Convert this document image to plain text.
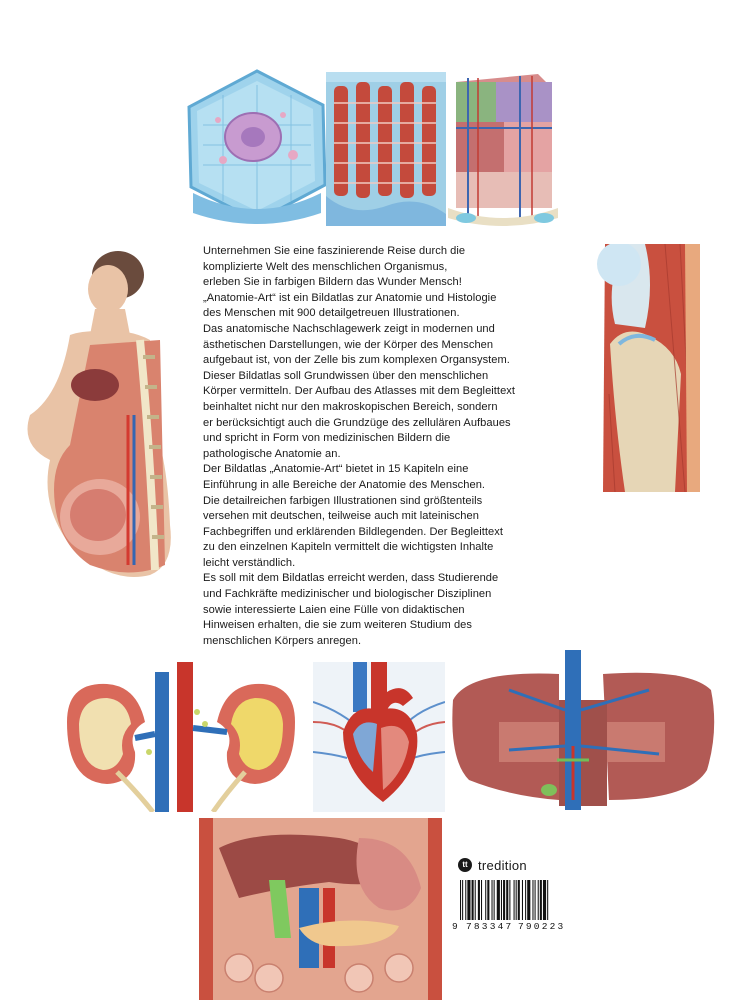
Unternehmen Sie eine faszinierende Reise durch die
komplizierte Welt des menschlichen Organismus,
erleben Sie in farbigen Bildern das Wunder Mensch!
„Anatomie-Art“ ist ein Bildatlas zur Anatomie und Histologie
des Menschen mit 900 detailgetreuen Illustrationen.
Das anatomische Nachschlagewerk zeigt in modernen und
ästhetischen Darstellungen, wie der Körper des Menschen
aufgebaut ist, von der Zelle bis zum komplexen Organsystem.
Dieser Bildatlas soll Grundwissen über den menschlichen
Körper vermitteln. Der Aufbau des Atlasses mit dem Begleittext
beinhaltet nicht nur den makroskopischen Bereich, sondern
er berücksichtigt auch die Grundzüge des zellulären Aufbaues
und spricht in Form von medizinischen Bildern die
pathologische Anatomie an.
Der Bildatlas „Anatomie-Art“ bietet in 15 Kapiteln eine
Einführung in alle Bereiche der Anatomie des Menschen.
Die detailreichen farbigen Illustrationen sind größtenteils
versehen mit deutschen, teilweise auch mit lateinischen
Fachbegriffen und erklärenden Bildlegenden. Der Begleittext
zu den einzelnen Kapiteln vermittelt die wichtigsten Inhalte
leicht verständlich.
Es soll mit dem Bildatlas erreicht werden, dass Studierende
und Fachkräfte medizinischer und biologischer Disziplinen
sowie interessierte Laien eine Fülle von didaktischen
Hinweisen erhalten, die sie zum weiteren Studium des
menschlichen Körpers anregen.
tt tredition
9 783347 790223
